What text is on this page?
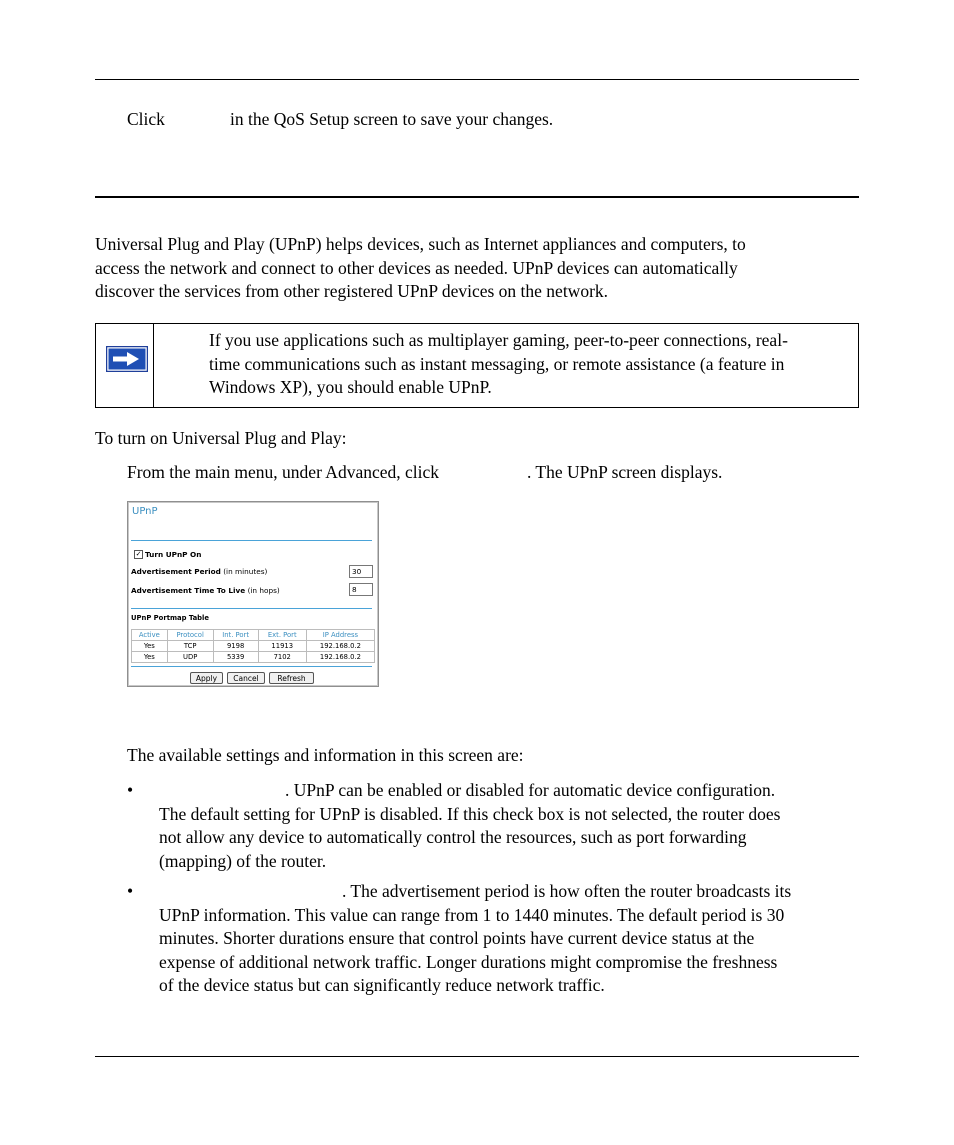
Click	in the QoS Setup screen to save your changes.
Universal Plug and Play (UPnP) helps devices, such as Internet appliances and computers, to
access the network and connect to other devices as needed. UPnP devices can automatically
discover the services from other registered UPnP devices on the network.
If you use applications such as multiplayer gaming, peer-to-peer connections, real-
time communications such as instant messaging, or remote assistance (a feature in
Windows XP), you should enable UPnP.
To turn on Universal Plug and Play:
From the main menu, under Advanced, click	. The UPnP screen displays.
UPnP
✓ Turn UPnP On
Advertisement Period (in minutes)	30
Advertisement Time To Live (in hops)	8
UPnP Portmap Table
Active	Protocol	Int. Port	Ext. Port	IP Address
Yes	TCP	9198	11913	192.168.0.2
Yes	UDP	5339	7102	192.168.0.2
Apply	Cancel	Refresh
The available settings and information in this screen are:
•	. UPnP can be enabled or disabled for automatic device configuration.
The default setting for UPnP is disabled. If this check box is not selected, the router does
not allow any device to automatically control the resources, such as port forwarding
(mapping) of the router.
•	. The advertisement period is how often the router broadcasts its
UPnP information. This value can range from 1 to 1440 minutes. The default period is 30
minutes. Shorter durations ensure that control points have current device status at the
expense of additional network traffic. Longer durations might compromise the freshness
of the device status but can significantly reduce network traffic.
